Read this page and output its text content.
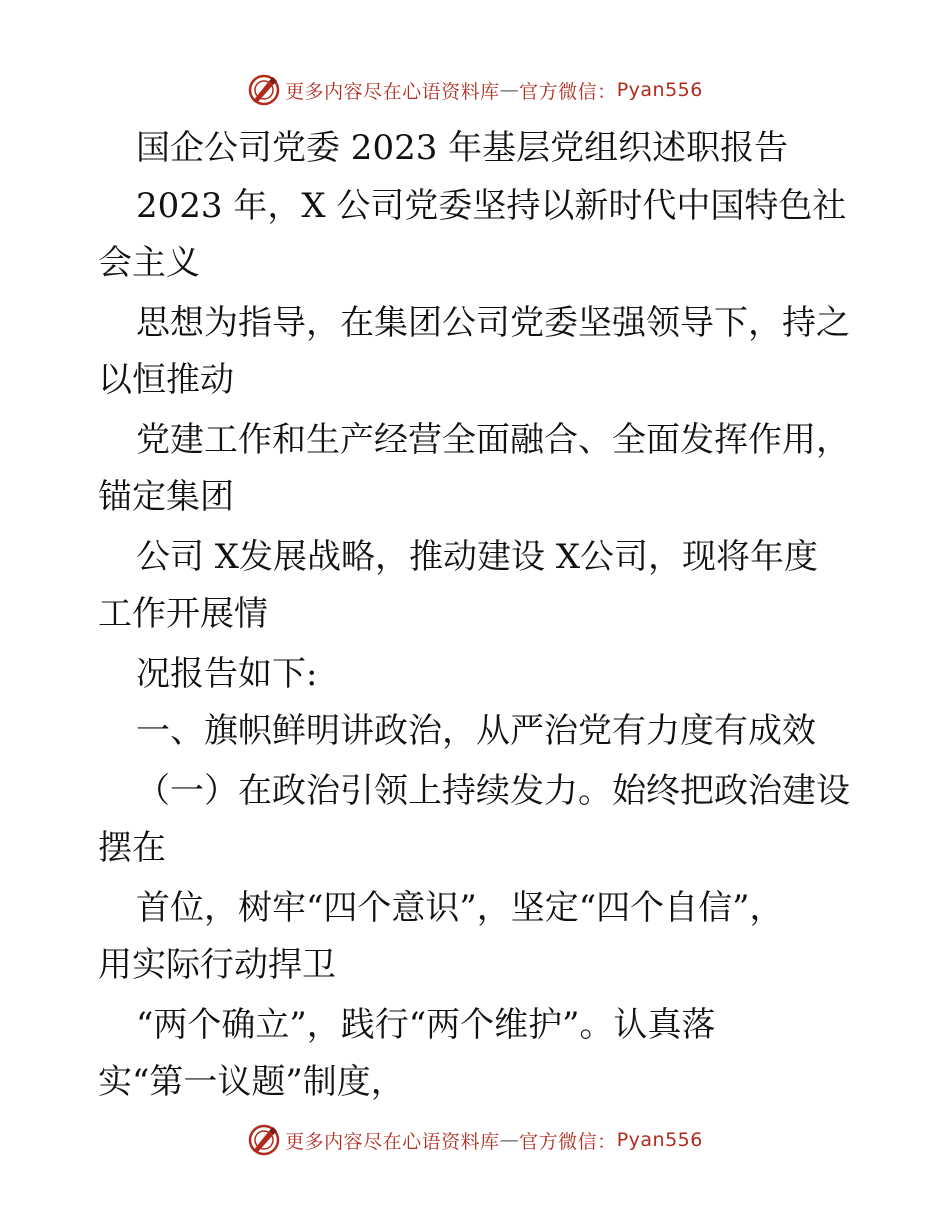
更多内容尽在心语资料库 — 官方微信： Pyan556
国企公司党委 2023 年基层党组织述职报告
2023 年，X 公司党委坚持以新时代中国特色社
会主义
思想为指导，在集团公司党委坚强领导下，持之
以恒推动
党建工作和生产经营全面融合、全面发挥作用，
锚定集团
公司 X发展战略，推动建设 X公司，现将年度
工作开展情
况报告如下:
一、旗帜鲜明讲政治，从严治党有力度有成效
（一）在政治引领上持续发力。始终把政治建设
摆在
首位，树牢“四个意识”，坚定“四个自信”，
用实际行动捍卫
“两个确立”，践行“两个维护”。认真落
实“第一议题”制度，
更多内容尽在心语资料库 — 官方微信： Pyan556
